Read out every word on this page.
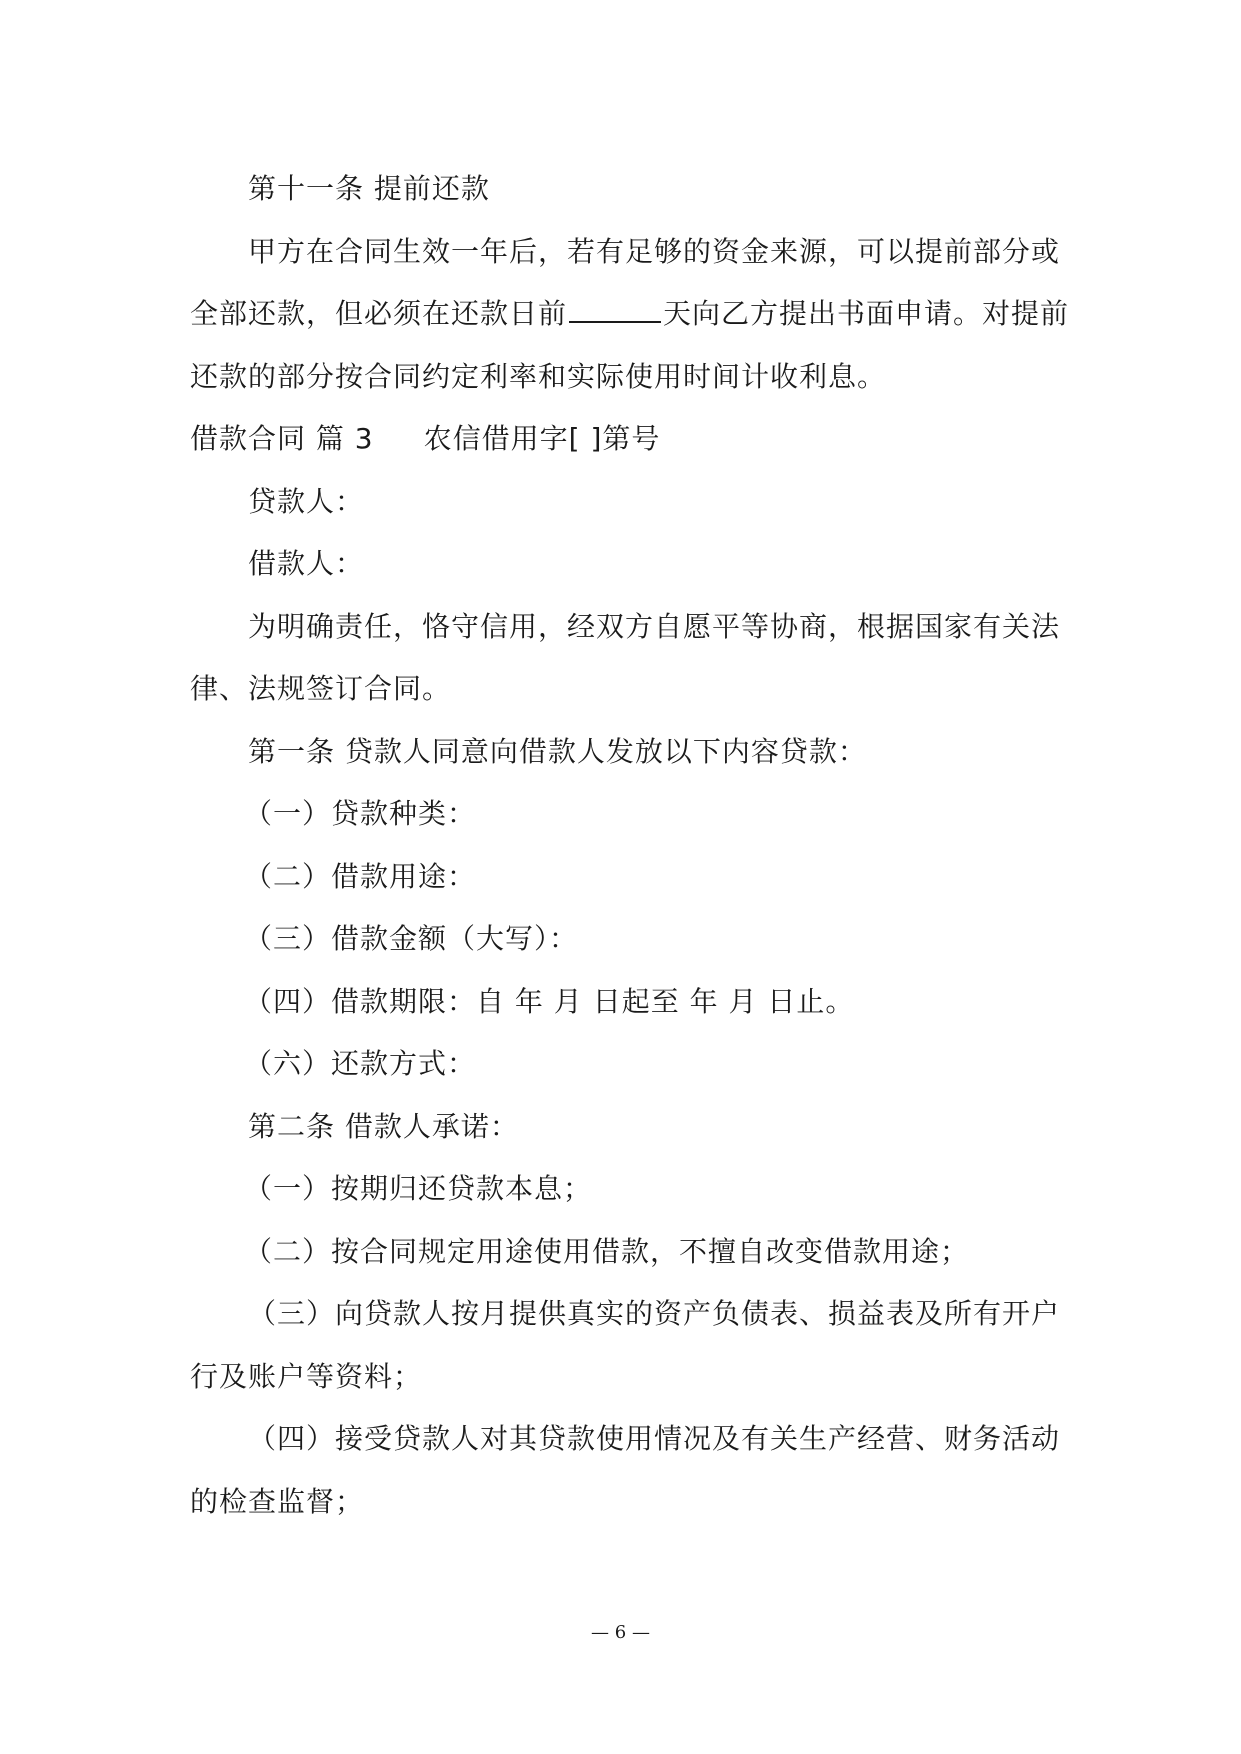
第十一条 提前还款
甲方在合同生效一年后，若有足够的资金来源，可以提前部分或
全部还款，但必须在还款日前	天向乙方提出书面申请。对提前
还款的部分按合同约定利率和实际使用时间计收利息。
借款合同 篇 3 农信借用字[ ]第号
贷款人：
借款人：
为明确责任，恪守信用，经双方自愿平等协商，根据国家有关法
律、法规签订合同。
第一条 贷款人同意向借款人发放以下内容贷款：
（一）贷款种类：
（二）借款用途：
（三）借款金额（大写）：
（四）借款期限：自 年 月 日起至 年 月 日止。
（六）还款方式：
第二条 借款人承诺：
（一）按期归还贷款本息；
（二）按合同规定用途使用借款，不擅自改变借款用途；
（三）向贷款人按月提供真实的资产负债表、损益表及所有开户
行及账户等资料；
（四）接受贷款人对其贷款使用情况及有关生产经营、财务活动
的检查监督；
— 6 —
